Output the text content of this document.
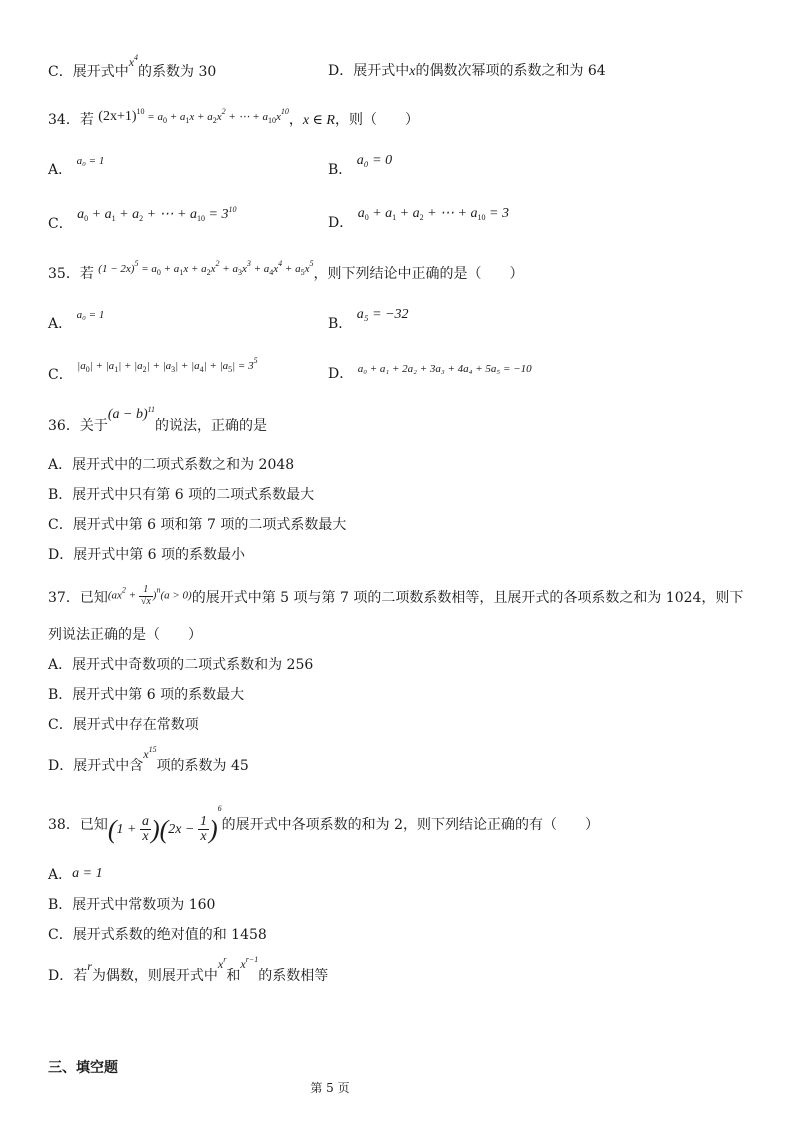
C．展开式中$x^4$的系数为 30	D．展开式中x的偶数次幂项的系数之和为 64
34．若 $(2x+1)^{10} = a_0 + a_1x + a_2x^2$ + ⋯ + $a_{10}x^{10}$，x ∈ R，则（　　）
A． $^{a_0 = 1}$
B． a₀ = 0
C． $a_0 + a_1 + a_2$ + ⋯ + $a_{10} = 3^{10}$
D． $a_0 + a_1 + a_2$ + ⋯ + $a_{10} = 3$
35．若 $^{(1 - 2x)^5 = a_0 + a_1x + a_2x^2 + a_3x^3 + a_4x^4 + a_5x^5}$，则下列结论中正确的是（　　）
A． $^{a_0 = 1}$
B． a₅ = −32
C． $^{|a_0| + |a_1| + |a_2| + |a_3| + |a_4| + |a_5| = 3^5}$
D． $^{a_0 + a_1 + 2a_2 + 3a_3 + 4a_4 + 5a_5 = -10}$
36．关于$(a - b)^{11}$的说法，正确的是
A．展开式中的二项式系数之和为 2048
B．展开式中只有第 6 项的二项式系数最大
C．展开式中第 6 项和第 7 项的二项式系数最大
D．展开式中第 6 项的系数最小
37．已知$(ax^2 + \frac{1}{√x} )^n(a > 0)$的展开式中第 5 项与第 7 项的二项数系数相等，且展开式的各项系数之和为 1024，则下
列说法正确的是（　　）
A．展开式中奇数项的二项式系数和为 256
B．展开式中第 6 项的系数最大
C．展开式中存在常数项
D．展开式中含$x^{15}$项的系数为 45
38．已知$(1 + \frac{a}{x} )(2x - \frac{1}{x} )^6$的展开式中各项系数的和为 2，则下列结论正确的有（　　）
A．a = 1
B．展开式中常数项为 160
C．展开式系数的绝对值的和 1458
D．若r为偶数，则展开式中$x^r$和$x^{r-1}$的系数相等
三、填空题
第 5 页
